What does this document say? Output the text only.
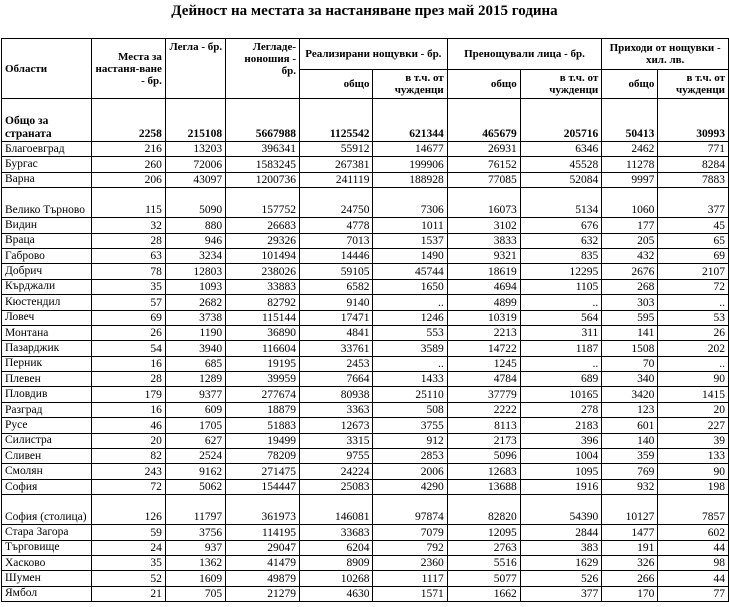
Дейност на местата за настаняване през май 2015 година
Области	Места за настаня-ване - бр.	Легла - бр.	Легладе-ноношия - бр.	Реализирани нощувки - бр.		Пренощували лица - бр.		Приходи от нощувки - хил. лв.	
				общо	в т.ч. от чужденци	общо	в т.ч. от чужденци	общо	в т.ч. от чужденци
Общо за страната	2258	215108	5667988	1125542	621344	465679	205716	50413	30993
Благоевград	216	13203	396341	55912	14677	26931	6346	2462	771
Бургас	260	72006	1583245	267381	199906	76152	45528	11278	8284
Варна	206	43097	1200736	241119	188928	77085	52084	9997	7883
Велико Търново	115	5090	157752	24750	7306	16073	5134	1060	377
Видин	32	880	26683	4778	1011	3102	676	177	45
Враца	28	946	29326	7013	1537	3833	632	205	65
Габрово	63	3234	101494	14446	1490	9321	835	432	69
Добрич	78	12803	238026	59105	45744	18619	12295	2676	2107
Кърджали	35	1093	33883	6582	1650	4694	1105	268	72
Кюстендил	57	2682	82792	9140	..	4899	..	303	..
Ловеч	69	3738	115144	17471	1246	10319	564	595	53
Монтана	26	1190	36890	4841	553	2213	311	141	26
Пазарджик	54	3940	116604	33761	3589	14722	1187	1508	202
Перник	16	685	19195	2453	..	1245	..	70	..
Плевен	28	1289	39959	7664	1433	4784	689	340	90
Пловдив	179	9377	277674	80938	25110	37779	10165	3420	1415
Разград	16	609	18879	3363	508	2222	278	123	20
Русе	46	1705	51883	12673	3755	8113	2183	601	227
Силистра	20	627	19499	3315	912	2173	396	140	39
Сливен	82	2524	78209	9755	2853	5096	1004	359	133
Смолян	243	9162	271475	24224	2006	12683	1095	769	90
София	72	5062	154447	25083	4290	13688	1916	932	198
София (столица)	126	11797	361973	146081	97874	82820	54390	10127	7857
Стара Загора	59	3756	114195	33683	7079	12095	2844	1477	602
Търговище	24	937	29047	6204	792	2763	383	191	44
Хасково	35	1362	41479	8909	2360	5516	1629	326	98
Шумен	52	1609	49879	10268	1117	5077	526	266	44
Ямбол	21	705	21279	4630	1571	1662	377	170	77
